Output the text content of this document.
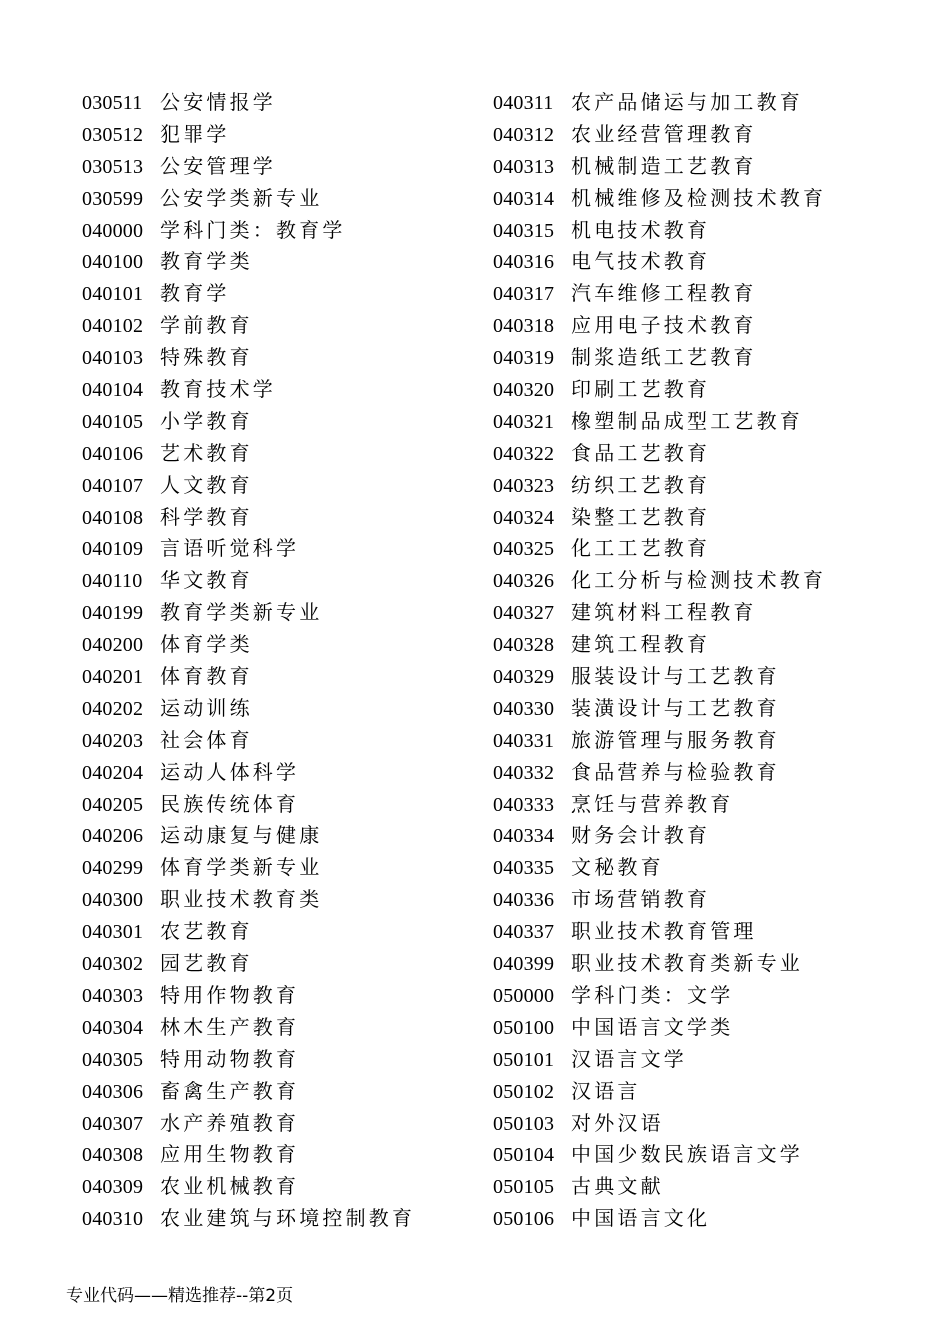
030511 公安情报学
030512 犯罪学
030513 公安管理学
030599 公安学类新专业
040000 学科门类：教育学
040100 教育学类
040101 教育学
040102 学前教育
040103 特殊教育
040104 教育技术学
040105 小学教育
040106 艺术教育
040107 人文教育
040108 科学教育
040109 言语听觉科学
040110 华文教育
040199 教育学类新专业
040200 体育学类
040201 体育教育
040202 运动训练
040203 社会体育
040204 运动人体科学
040205 民族传统体育
040206 运动康复与健康
040299 体育学类新专业
040300 职业技术教育类
040301 农艺教育
040302 园艺教育
040303 特用作物教育
040304 林木生产教育
040305 特用动物教育
040306 畜禽生产教育
040307 水产养殖教育
040308 应用生物教育
040309 农业机械教育
040310 农业建筑与环境控制教育
040311 农产品储运与加工教育
040312 农业经营管理教育
040313 机械制造工艺教育
040314 机械维修及检测技术教育
040315 机电技术教育
040316 电气技术教育
040317 汽车维修工程教育
040318 应用电子技术教育
040319 制浆造纸工艺教育
040320 印刷工艺教育
040321 橡塑制品成型工艺教育
040322 食品工艺教育
040323 纺织工艺教育
040324 染整工艺教育
040325 化工工艺教育
040326 化工分析与检测技术教育
040327 建筑材料工程教育
040328 建筑工程教育
040329 服装设计与工艺教育
040330 装潢设计与工艺教育
040331 旅游管理与服务教育
040332 食品营养与检验教育
040333 烹饪与营养教育
040334 财务会计教育
040335 文秘教育
040336 市场营销教育
040337 职业技术教育管理
040399 职业技术教育类新专业
050000 学科门类：文学
050100 中国语言文学类
050101 汉语言文学
050102 汉语言
050103 对外汉语
050104 中国少数民族语言文学
050105 古典文献
050106 中国语言文化
专业代码——精选推荐--第2页
